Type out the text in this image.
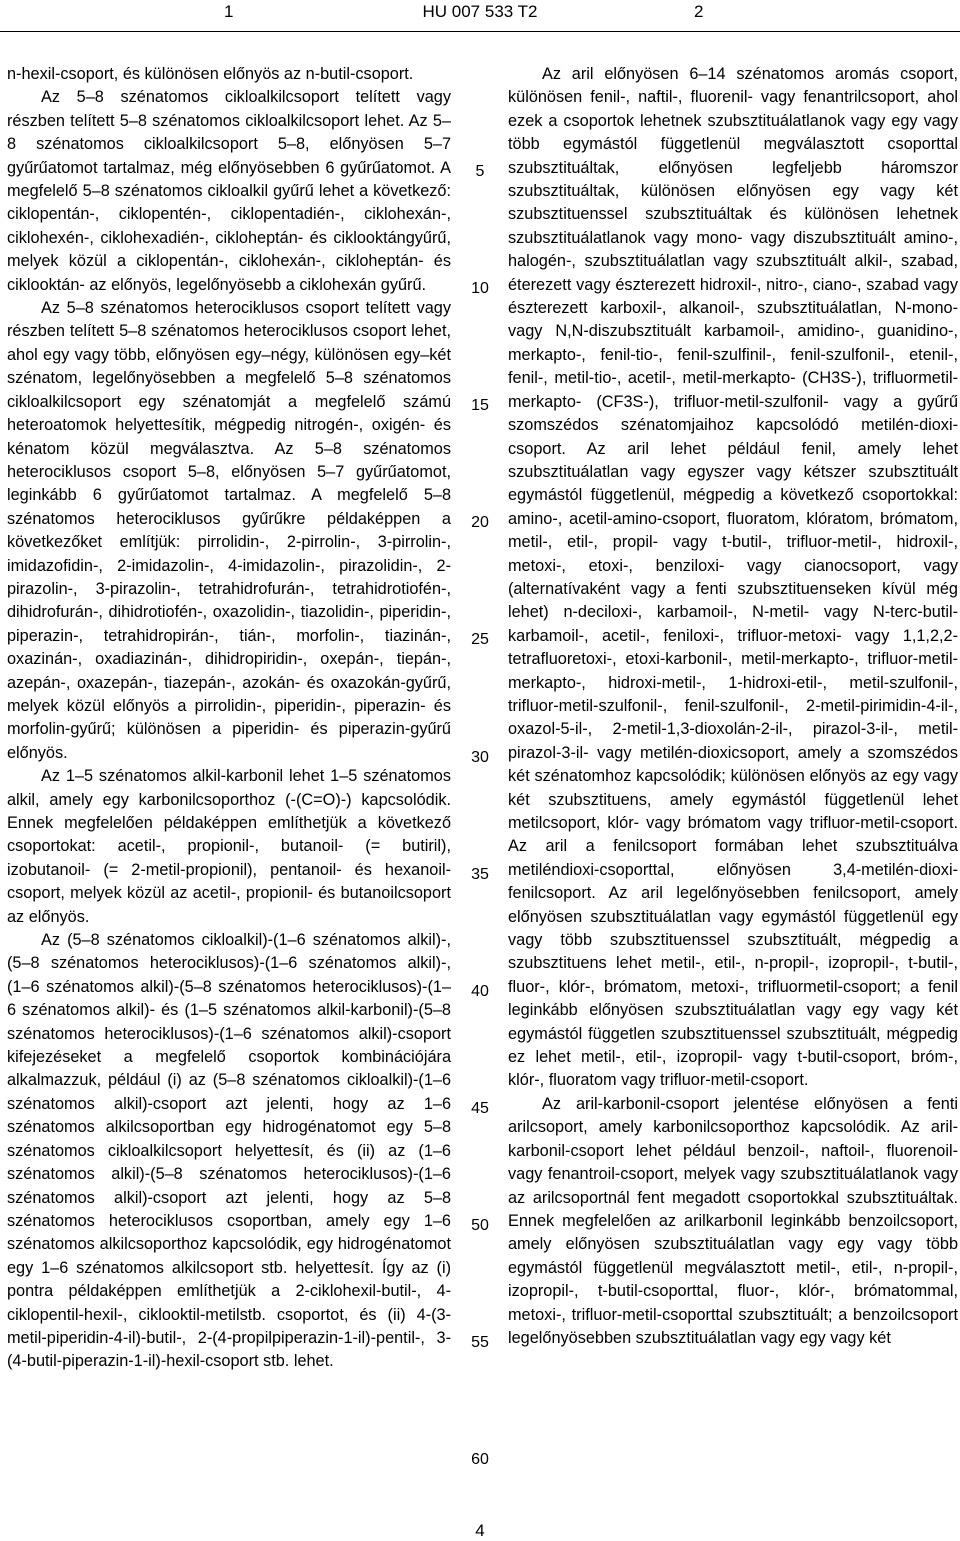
1	HU 007 533 T2	2

n-hexil-csoport, és különösen előnyös az n-butil-csoport.

Az 5–8 szénatomos cikloalkilcsoport telített vagy részben telített 5–8 szénatomos cikloalkilcsoport lehet. Az 5–8 szénatomos cikloalkilcsoport 5–8, előnyösen 5–7 gyűrűatomot tartalmaz, még előnyösebben 6 gyűrűatomot. A megfelelő 5–8 szénatomos cikloalkil gyűrű lehet a következő: ciklopentán-, ciklopentén-, ciklopentadién-, ciklohexán-, ciklohexén-, ciklohexadién-, cikloheptán- és ciklooktángyűrű, melyek közül a ciklopentán-, ciklohexán-, cikloheptán- és ciklooktán- az előnyös, legelőnyösebb a ciklohexán gyűrű.

Az 5–8 szénatomos heterociklusos csoport telített vagy részben telített 5–8 szénatomos heterociklusos csoport lehet, ahol egy vagy több, előnyösen egy–négy, különösen egy–két szénatom, legelőnyösebben a megfelelő 5–8 szénatomos cikloalkilcsoport egy szénatomját a megfelelő számú heteroatomok helyettesítik, mégpedig nitrogén-, oxigén- és kénatom közül megválasztva. Az 5–8 szénatomos heterociklusos csoport 5–8, előnyösen 5–7 gyűrűatomot, leginkább 6 gyűrűatomot tartalmaz. A megfelelő 5–8 szénatomos heterociklusos gyűrűkre példaképpen a következőket említjük: pirrolidin-, 2-pirrolin-, 3-pirrolin-, imidazofidin-, 2-imidazolin-, 4-imidazolin-, pirazolidin-, 2-pirazolin-, 3-pirazolin-, tetrahidrofurán-, tetrahidrotiofén-, dihidrofurán-, dihidrotiofén-, oxazolidin-, tiazolidin-, piperidin-, piperazin-, tetrahidropirán-, tián-, morfolin-, tiazinán-, oxazinán-, oxadiazinán-, dihidropiridin-, oxepán-, tiepán-, azepán-, oxazepán-, tiazepán-, azokán- és oxazokán-gyűrű, melyek közül előnyös a pirrolidin-, piperidin-, piperazin- és morfolin-gyűrű; különösen a piperidin- és piperazin-gyűrű előnyös.

Az 1–5 szénatomos alkil-karbonil lehet 1–5 szénatomos alkil, amely egy karbonilcsoporthoz (-(C=O)-) kapcsolódik. Ennek megfelelően példaképpen említhetjük a következő csoportokat: acetil-, propionil-, butanoil- (= butiril), izobutanoil- (= 2-metil-propionil), pentanoil- és hexanoil-csoport, melyek közül az acetil-, propionil- és butanoilcsoport az előnyös.

Az (5–8 szénatomos cikloalkil)-(1–6 szénatomos alkil)-, (5–8 szénatomos heterociklusos)-(1–6 szénatomos alkil)-, (1–6 szénatomos alkil)-(5–8 szénatomos heterociklusos)-(1–6 szénatomos alkil)- és (1–5 szénatomos alkil-karbonil)-(5–8 szénatomos heterociklusos)-(1–6 szénatomos alkil)-csoport kifejezéseket a megfelelő csoportok kombinációjára alkalmazzuk, például (i) az (5–8 szénatomos cikloalkil)-(1–6 szénatomos alkil)-csoport azt jelenti, hogy az 1–6 szénatomos alkilcsoportban egy hidrogénatomot egy 5–8 szénatomos cikloalkilcsoport helyettesít, és (ii) az (1–6 szénatomos alkil)-(5–8 szénatomos heterociklusos)-(1–6 szénatomos alkil)-csoport azt jelenti, hogy az 5–8 szénatomos heterociklusos csoportban, amely egy 1–6 szénatomos alkilcsoporthoz kapcsolódik, egy hidrogénatomot egy 1–6 szénatomos alkilcsoport stb. helyettesít. Így az (i) pontra példaképpen említhetjük a 2-ciklohexil-butil-, 4-ciklopentil-hexil-, ciklooktil-metilstb. csoportot, és (ii) 4-(3-metil-piperidin-4-il)-butil-, 2-(4-propilpiperazin-1-il)-pentil-, 3-(4-butil-piperazin-1-il)-hexil-csoport stb. lehet.

5
10
15
20
25
30
35
40
45
50
55
60

Az aril előnyösen 6–14 szénatomos aromás csoport, különösen fenil-, naftil-, fluorenil- vagy fenantrilcsoport, ahol ezek a csoportok lehetnek szubsztituálatlanok vagy egy vagy több egymástól függetlenül megválasztott csoporttal szubsztituáltak, előnyösen legfeljebb háromszor szubsztituáltak, különösen előnyösen egy vagy két szubsztituenssel szubsztituáltak és különösen lehetnek szubsztituálatlanok vagy mono- vagy diszubsztituált amino-, halogén-, szubsztituálatlan vagy szubsztituált alkil-, szabad, éterezett vagy észterezett hidroxil-, nitro-, ciano-, szabad vagy észterezett karboxil-, alkanoil-, szubsztituálatlan, N-mono- vagy N,N-diszubsztituált karbamoil-, amidino-, guanidino-, merkapto-, fenil-tio-, fenil-szulfinil-, fenil-szulfonil-, etenil-, fenil-, metil-tio-, acetil-, metil-merkapto- (CH3S-), trifluormetil-merkapto- (CF3S-), trifluor-metil-szulfonil- vagy a gyűrű szomszédos szénatomjaihoz kapcsolódó metilén-dioxi-csoport. Az aril lehet például fenil, amely lehet szubsztituálatlan vagy egyszer vagy kétszer szubsztituált egymástól függetlenül, mégpedig a következő csoportokkal: amino-, acetil-amino-csoport, fluoratom, klóratom, brómatom, metil-, etil-, propil- vagy t-butil-, trifluor-metil-, hidroxil-, metoxi-, etoxi-, benziloxi- vagy cianocsoport, vagy (alternatívaként vagy a fenti szubsztituenseken kívül még lehet) n-deciloxi-, karbamoil-, N-metil- vagy N-terc-butil-karbamoil-, acetil-, feniloxi-, trifluor-metoxi- vagy 1,1,2,2-tetrafluoretoxi-, etoxi-karbonil-, metil-merkapto-, trifluor-metil-merkapto-, hidroxi-metil-, 1-hidroxi-etil-, metil-szulfonil-, trifluor-metil-szulfonil-, fenil-szulfonil-, 2-metil-pirimidin-4-il-, oxazol-5-il-, 2-metil-1,3-dioxolán-2-il-, pirazol-3-il-, metil-pirazol-3-il- vagy metilén-dioxicsoport, amely a szomszédos két szénatomhoz kapcsolódik; különösen előnyös az egy vagy két szubsztituens, amely egymástól függetlenül lehet metilcsoport, klór- vagy brómatom vagy trifluor-metil-csoport. Az aril a fenilcsoport formában lehet szubsztituálva metiléndioxi-csoporttal, előnyösen 3,4-metilén-dioxi-fenilcsoport. Az aril legelőnyösebben fenilcsoport, amely előnyösen szubsztituálatlan vagy egymástól függetlenül egy vagy több szubsztituenssel szubsztituált, mégpedig a szubsztituens lehet metil-, etil-, n-propil-, izopropil-, t-butil-, fluor-, klór-, brómatom, metoxi-, trifluormetil-csoport; a fenil leginkább előnyösen szubsztituálatlan vagy egy vagy két egymástól független szubsztituenssel szubsztituált, mégpedig ez lehet metil-, etil-, izopropil- vagy t-butil-csoport, bróm-, klór-, fluoratom vagy trifluor-metil-csoport.

Az aril-karbonil-csoport jelentése előnyösen a fenti arilcsoport, amely karbonilcsoporthoz kapcsolódik. Az aril-karbonil-csoport lehet például benzoil-, naftoil-, fluorenoil- vagy fenantroil-csoport, melyek vagy szubsztituálatlanok vagy az arilcsoportnál fent megadott csoportokkal szubsztituáltak. Ennek megfelelően az arilkarbonil leginkább benzoilcsoport, amely előnyösen szubsztituálatlan vagy egy vagy több egymástól függetlenül megválasztott metil-, etil-, n-propil-, izopropil-, t-butil-csoporttal, fluor-, klór-, brómatommal, metoxi-, trifluor-metil-csoporttal szubsztituált; a benzoilcsoport legelőnyösebben szubsztituálatlan vagy egy vagy két

4
